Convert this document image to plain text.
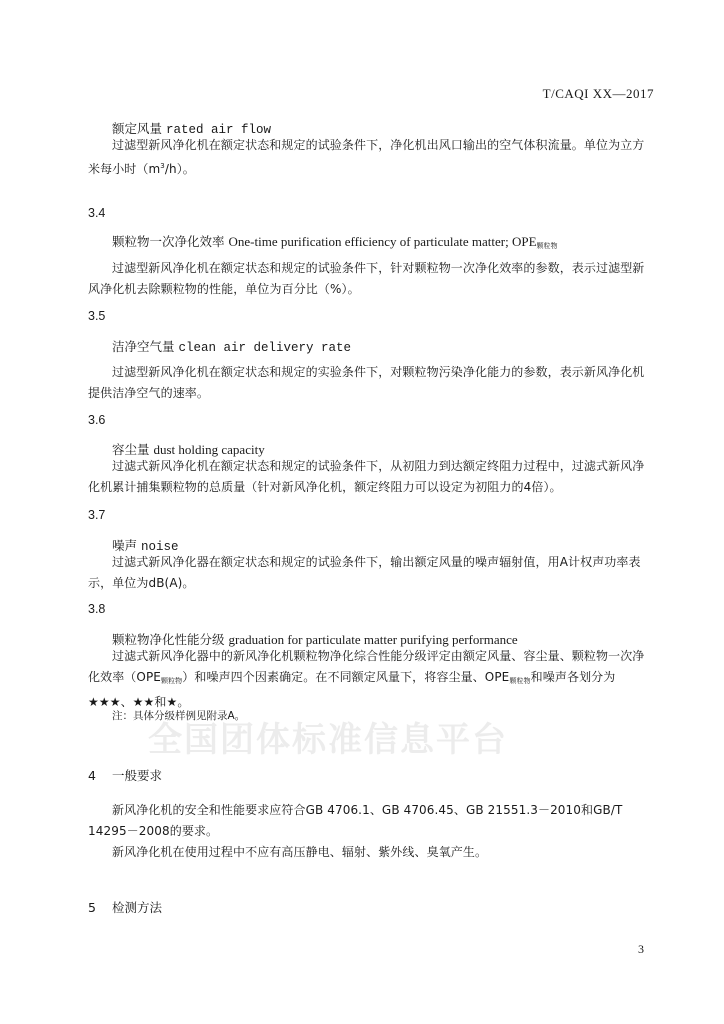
T/CAQI XX—2017
额定风量 rated air flow
过滤型新风净化机在额定状态和规定的试验条件下，净化机出风口输出的空气体积流量。单位为立方米每小时$(m^3/h)$。
3.4
颗粒物一次净化效率 One-time purification efficiency of particulate matter; $OPE_{颗粒物}$
过滤型新风净化机在额定状态和规定的试验条件下，针对颗粒物一次净化效率的参数，表示过滤型新风净化机去除颗粒物的性能，单位为百分比（%）。
3.5
洁净空气量 clean air delivery rate
过滤型新风净化机在额定状态和规定的实验条件下，对颗粒物污染净化能力的参数，表示新风净化机提供洁净空气的速率。
3.6
容尘量 dust holding capacity
过滤式新风净化机在额定状态和规定的试验条件下，从初阻力到达额定终阻力过程中，过滤式新风净化机累计捕集颗粒物的总质量（针对新风净化机，额定终阻力可以设定为初阻力的4倍）。
3.7
噪声 noise
过滤式新风净化器在额定状态和规定的试验条件下，输出额定风量的噪声辐射值，用A计权声功率表示，单位为dB(A)。
3.8
颗粒物净化性能分级 graduation for particulate matter purifying performance
过滤式新风净化器中的新风净化机颗粒物净化综合性能分级评定由额定风量、容尘量、颗粒物一次净化效率$(OPE_{颗粒物})$和噪声四个因素确定。在不同额定风量下，将容尘量、$OPE_{颗粒物}$和噪声各划分为★★★、★★和★。
注：具体分级样例见附录A。
全国团体标准信息平台
4 一般要求
新风净化机的安全和性能要求应符合GB 4706.1、GB 4706.45、GB 21551.3－2010和GB/T 14295－2008的要求。
新风净化机在使用过程中不应有高压静电、辐射、紫外线、臭氧产生。
5 检测方法
3
